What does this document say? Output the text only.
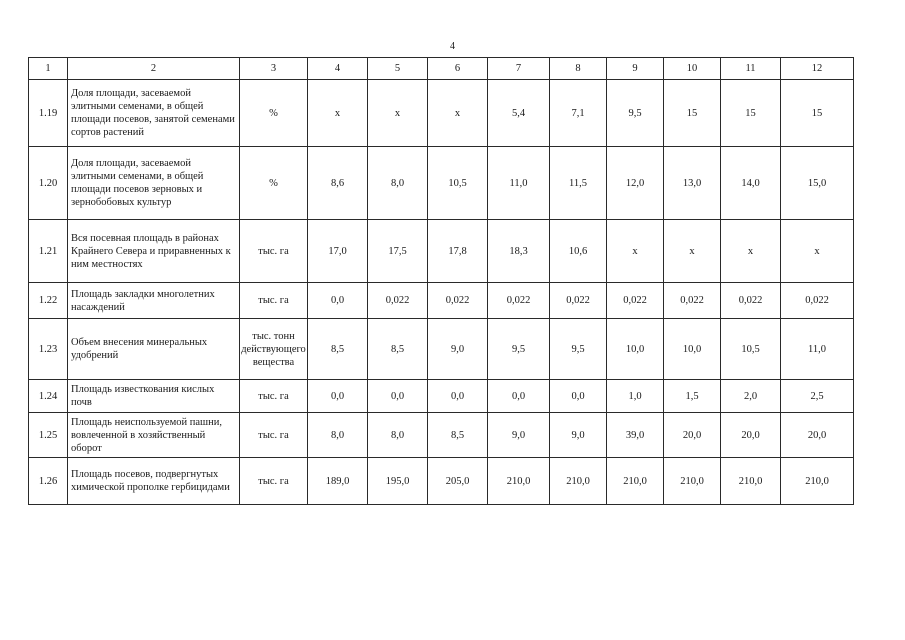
4
1	2	3	4	5	6	7	8	9	10	11	12
1.19	Доля площади, засеваемой элитными семенами, в общей площади посевов, занятой семенами сортов растений	%	х	х	х	5,4	7,1	9,5	15	15	15
1.20	Доля площади, засеваемой элитными семенами, в общей площади посевов зерновых и зернобобовых культур	%	8,6	8,0	10,5	11,0	11,5	12,0	13,0	14,0	15,0
1.21	Вся посевная площадь в районах Крайнего Севера и приравненных к ним местностях	тыс. га	17,0	17,5	17,8	18,3	10,6	х	х	х	х
1.22	Площадь закладки многолетних насаждений	тыс. га	0,0	0,022	0,022	0,022	0,022	0,022	0,022	0,022	0,022
1.23	Объем внесения минеральных удобрений	тыс. тонн действующего вещества	8,5	8,5	9,0	9,5	9,5	10,0	10,0	10,5	11,0
1.24	Площадь известкования кислых почв	тыс. га	0,0	0,0	0,0	0,0	0,0	1,0	1,5	2,0	2,5
1.25	Площадь неиспользуемой пашни, вовлеченной в хозяйственный оборот	тыс. га	8,0	8,0	8,5	9,0	9,0	39,0	20,0	20,0	20,0
1.26	Площадь посевов, подвергнутых химической прополке гербицидами	тыс. га	189,0	195,0	205,0	210,0	210,0	210,0	210,0	210,0	210,0
